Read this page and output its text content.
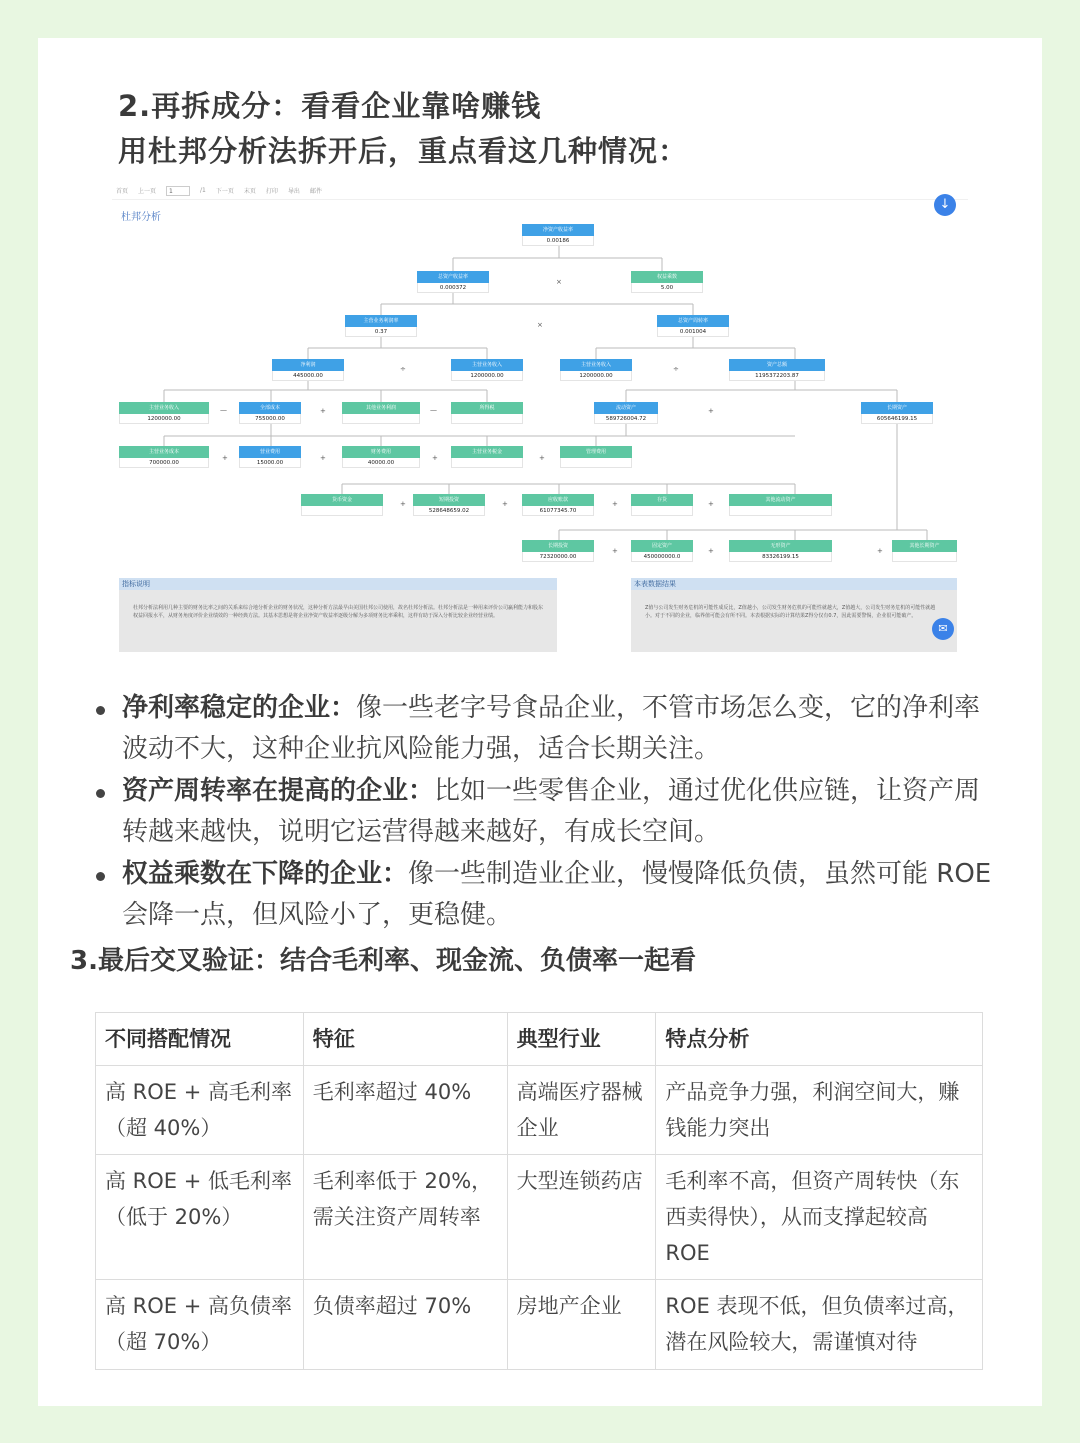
2.再拆成分：看看企业靠啥赚钱
用杜邦分析法拆开后，重点看这几种情况：
首页 上一页	1	/1 下一页 末页 打印 导出 邮件
杜邦分析
↓
净资产收益率
0.00186
总资产收益率
0.000372
×
权益乘数
5.00
主营业务利润率
0.37
×	总资产周转率
0.001004
净利润
445000.00
÷	主营业务收入
1200000.00
主营业务收入
1200000.00
÷	资产总额
1195372203.87
主营业务收入
1200000.00
—	全部成本
755000.00
+	其他业务利润	—	所得税	流动资产
589726004.72
+	长期资产
605646199.15
主营业务成本
700000.00
+
营业费用
15000.00
+
财务费用
40000.00
+
主营业务税金
+
管理费用
货币资金	+	短期投资
528648659.02
+	应收账款
61077345.70
+	存货	+	其他流动资产
长期投资
72320000.00
+
固定资产
450000000.0
+
无形资产
83326199.15
+
其他长期资产
指标说明
杜邦分析法利用几种主要的财务比率之间的关系来综合地分析企业的财务状况，这种分析方法最早由美国杜邦公司使用，故名杜邦分析法。杜邦分析法是一种用来评价公司赢利能力和股东权益回报水平，从财务角度评价企业绩效的一种经典方法。其基本思想是将企业净资产收益率逐级分解为多项财务比率乘积，这样有助于深入分析比较企业经营业绩。
本表数据结果
Z值与公司发生财务危机的可能性成反比，Z值越小，公司发生财务危机的可能性就越大，Z值越大，公司发生财务危机的可能性就越小。对于不同的企业，临界值可能会有所不同。本表根据实际的计算结果Z得分仅有0.7，因此需要警惕，企业很可能破产。
✉
净利率稳定的企业：像一些老字号食品企业，不管市场怎么变，它的净利率波动不大，这种企业抗风险能力强，适合长期关注。
资产周转率在提高的企业：比如一些零售企业，通过优化供应链，让资产周转越来越快，说明它运营得越来越好，有成长空间。
权益乘数在下降的企业：像一些制造业企业，慢慢降低负债，虽然可能 ROE 会降一点，但风险小了，更稳健。
3.最后交叉验证：结合毛利率、现金流、负债率一起看
不同搭配情况	特征	典型行业	特点分析
高 ROE + 高毛利率（超 40%）	毛利率超过 40%	高端医疗器械企业	产品竞争力强，利润空间大，赚钱能力突出
高 ROE + 低毛利率（低于 20%）	毛利率低于 20%，需关注资产周转率	大型连锁药店	毛利率不高，但资产周转快（东西卖得快），从而支撑起较高 ROE
高 ROE + 高负债率（超 70%）	负债率超过 70%	房地产企业	ROE 表现不低，但负债率过高，潜在风险较大，需谨慎对待
